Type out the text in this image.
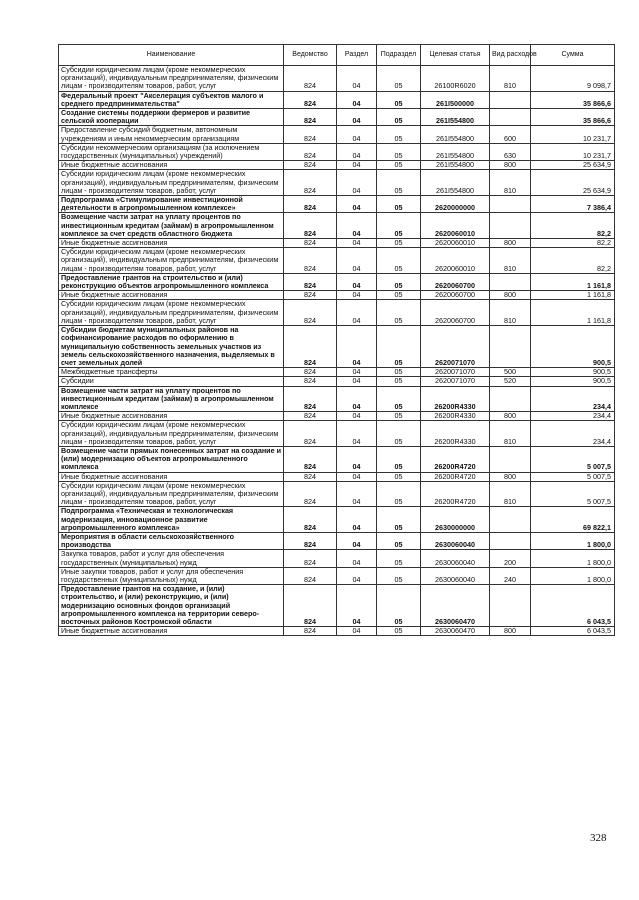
Наименование	Ведомство	Раздел	Подраздел	Целевая статья	Вид расходов	Сумма
Субсидии юридическим лицам (кроме некоммерческих организаций), индивидуальным предпринимателям, физическим лицам - производителям товаров, работ, услуг	824	04	05	26100R6020	810	9 098,7
Федеральный проект "Акселерация субъектов малого и среднего предпринимательства"	824	04	05	261I500000		35 866,6
Создание системы поддержки фермеров и развитие сельской кооперации	824	04	05	261I554800		35 866,6
Предоставление субсидий бюджетным, автономным учреждениям и иным некоммерческим организациям	824	04	05	261I554800	600	10 231,7
Субсидии некоммерческим организациям (за исключением государственных (муниципальных) учреждений)	824	04	05	261I554800	630	10 231,7
Иные бюджетные ассигнования	824	04	05	261I554800	800	25 634,9
Субсидии юридическим лицам (кроме некоммерческих организаций), индивидуальным предпринимателям, физическим лицам - производителям товаров, работ, услуг	824	04	05	261I554800	810	25 634,9
Подпрограмма «Стимулирование инвестиционной деятельности в агропромышленном комплексе»	824	04	05	2620000000		7 386,4
Возмещение части затрат на уплату процентов по инвестиционным кредитам (займам) в агропромышленном комплексе за счет средств областного бюджета	824	04	05	2620060010		82,2
Иные бюджетные ассигнования	824	04	05	2620060010	800	82,2
Субсидии юридическим лицам (кроме некоммерческих организаций), индивидуальным предпринимателям, физическим лицам - производителям товаров, работ, услуг	824	04	05	2620060010	810	82,2
Предоставление грантов на строительство и (или) реконструкцию объектов агропромышленного комплекса	824	04	05	2620060700		1 161,8
Иные бюджетные ассигнования	824	04	05	2620060700	800	1 161,8
Субсидии юридическим лицам (кроме некоммерческих организаций), индивидуальным предпринимателям, физическим лицам - производителям товаров, работ, услуг	824	04	05	2620060700	810	1 161,8
Субсидии бюджетам муниципальных районов на софинансирование расходов по оформлению в муниципальную собственность земельных участков из земель сельскохозяйственного назначения, выделяемых в счет земельных долей	824	04	05	2620071070		900,5
Межбюджетные трансферты	824	04	05	2620071070	500	900,5
Субсидии	824	04	05	2620071070	520	900,5
Возмещение части затрат на уплату процентов по инвестиционным кредитам (займам) в агропромышленном комплексе	824	04	05	26200R4330		234,4
Иные бюджетные ассигнования	824	04	05	26200R4330	800	234,4
Субсидии юридическим лицам (кроме некоммерческих организаций), индивидуальным предпринимателям, физическим лицам - производителям товаров, работ, услуг	824	04	05	26200R4330	810	234,4
Возмещение части прямых понесенных затрат на создание и (или) модернизацию объектов агропромышленного комплекса	824	04	05	26200R4720		5 007,5
Иные бюджетные ассигнования	824	04	05	26200R4720	800	5 007,5
Субсидии юридическим лицам (кроме некоммерческих организаций), индивидуальным предпринимателям, физическим лицам - производителям товаров, работ, услуг	824	04	05	26200R4720	810	5 007,5
Подпрограмма «Техническая и технологическая модернизация, инновационное развитие агропромышленного комплекса»	824	04	05	2630000000		69 822,1
Мероприятия в области сельскохозяйственного производства	824	04	05	2630060040		1 800,0
Закупка товаров, работ и услуг для обеспечения государственных (муниципальных) нужд	824	04	05	2630060040	200	1 800,0
Иные закупки товаров, работ и услуг для обеспечения государственных (муниципальных) нужд	824	04	05	2630060040	240	1 800,0
Предоставление грантов на создание, и (или) строительство, и (или) реконструкцию, и (или) модернизацию основных фондов организаций агропромышленного комплекса на территории северо-восточных районов Костромской области	824	04	05	2630060470		6 043,5
Иные бюджетные ассигнования	824	04	05	2630060470	800	6 043,5
328
